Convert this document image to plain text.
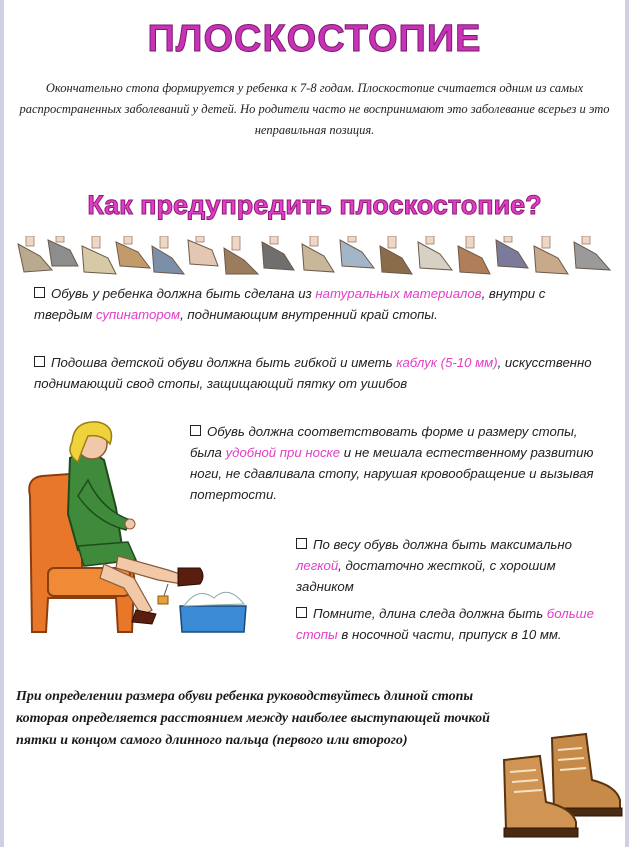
ПЛОСКОСТОПИЕ
Окончательно стопа формируется у ребенка к 7-8 годам. Плоскостопие считается одним из самых распространенных заболеваний у детей. Но родители часто не воспринимают это заболевание всерьез и это неправильная позиция.
Как предупредить плоскостопие?
Обувь у ребенка должна быть сделана из натуральных материалов, внутри с твердым супинатором, поднимающим внутренний край стопы.
Подошва детской обуви должна быть гибкой и иметь каблук (5-10 мм), искусственно поднимающий свод стопы, защищающий пятку от ушибов
Обувь должна соответствовать форме и размеру стопы, была удобной при носке и не мешала естественному развитию ноги, не сдавливала стопу, нарушая кровообращение и вызывая потертости.
По весу обувь должна быть максимально легкой, достаточно жесткой, с хорошим задником
Помните, длина следа должна быть больше стопы в носочной части, припуск в 10 мм.
При определении размера обуви ребенка руководствуйтесь длиной стопы которая определяется расстоянием между наиболее выступающей точкой пятки и концом самого длинного пальца (первого или второго)
